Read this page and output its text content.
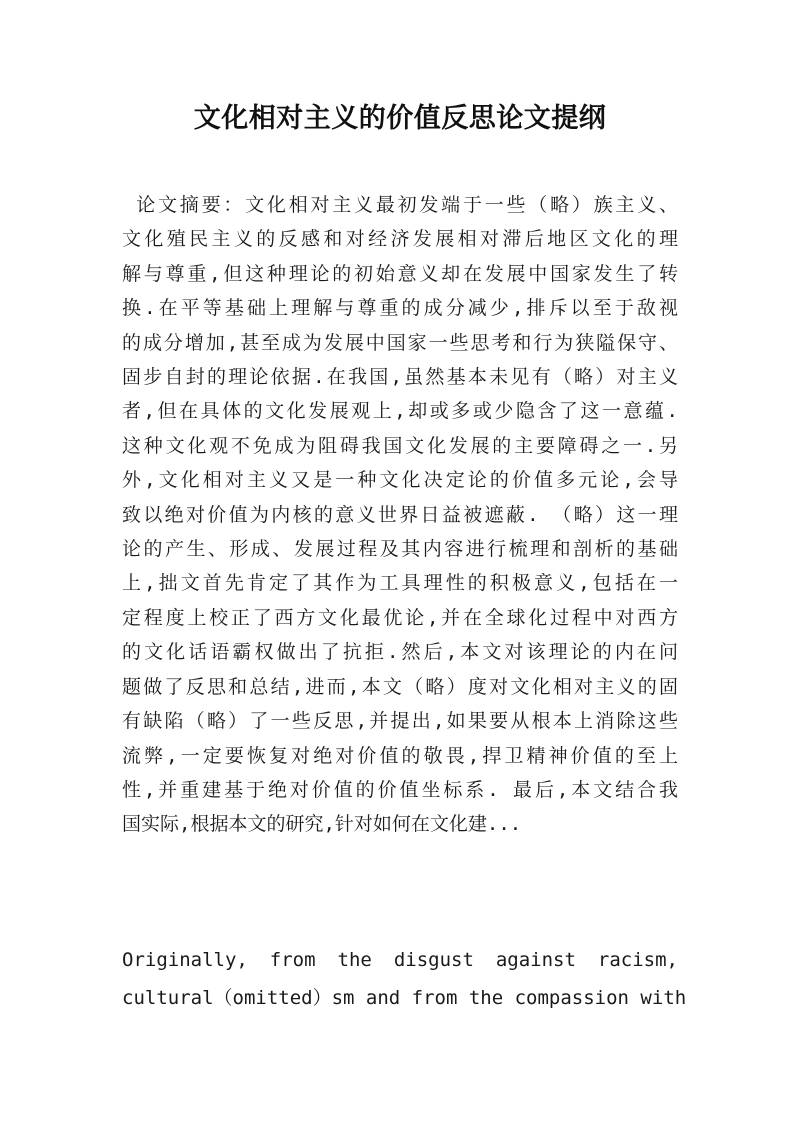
文化相对主义的价值反思论文提纲
论文摘要：文化相对主义最初发端于一些（略）族主义、
文化殖民主义的反感和对经济发展相对滞后地区文化的理
解与尊重,但这种理论的初始意义却在发展中国家发生了转
换.在平等基础上理解与尊重的成分减少,排斥以至于敌视
的成分增加,甚至成为发展中国家一些思考和行为狭隘保守、
固步自封的理论依据.在我国,虽然基本未见有（略）对主义
者,但在具体的文化发展观上,却或多或少隐含了这一意蕴.
这种文化观不免成为阻碍我国文化发展的主要障碍之一.另
外,文化相对主义又是一种文化决定论的价值多元论,会导
致以绝对价值为内核的意义世界日益被遮蔽. （略）这一理
论的产生、形成、发展过程及其内容进行梳理和剖析的基础
上,拙文首先肯定了其作为工具理性的积极意义,包括在一
定程度上校正了西方文化最优论,并在全球化过程中对西方
的文化话语霸权做出了抗拒.然后,本文对该理论的内在问
题做了反思和总结,进而,本文（略）度对文化相对主义的固
有缺陷（略）了一些反思,并提出,如果要从根本上消除这些
流弊,一定要恢复对绝对价值的敬畏,捍卫精神价值的至上
性,并重建基于绝对价值的价值坐标系. 最后,本文结合我
国实际,根据本文的研究,针对如何在文化建...
Originally, from the disgust against racism,
cultural（omitted）sm and from the compassion with
